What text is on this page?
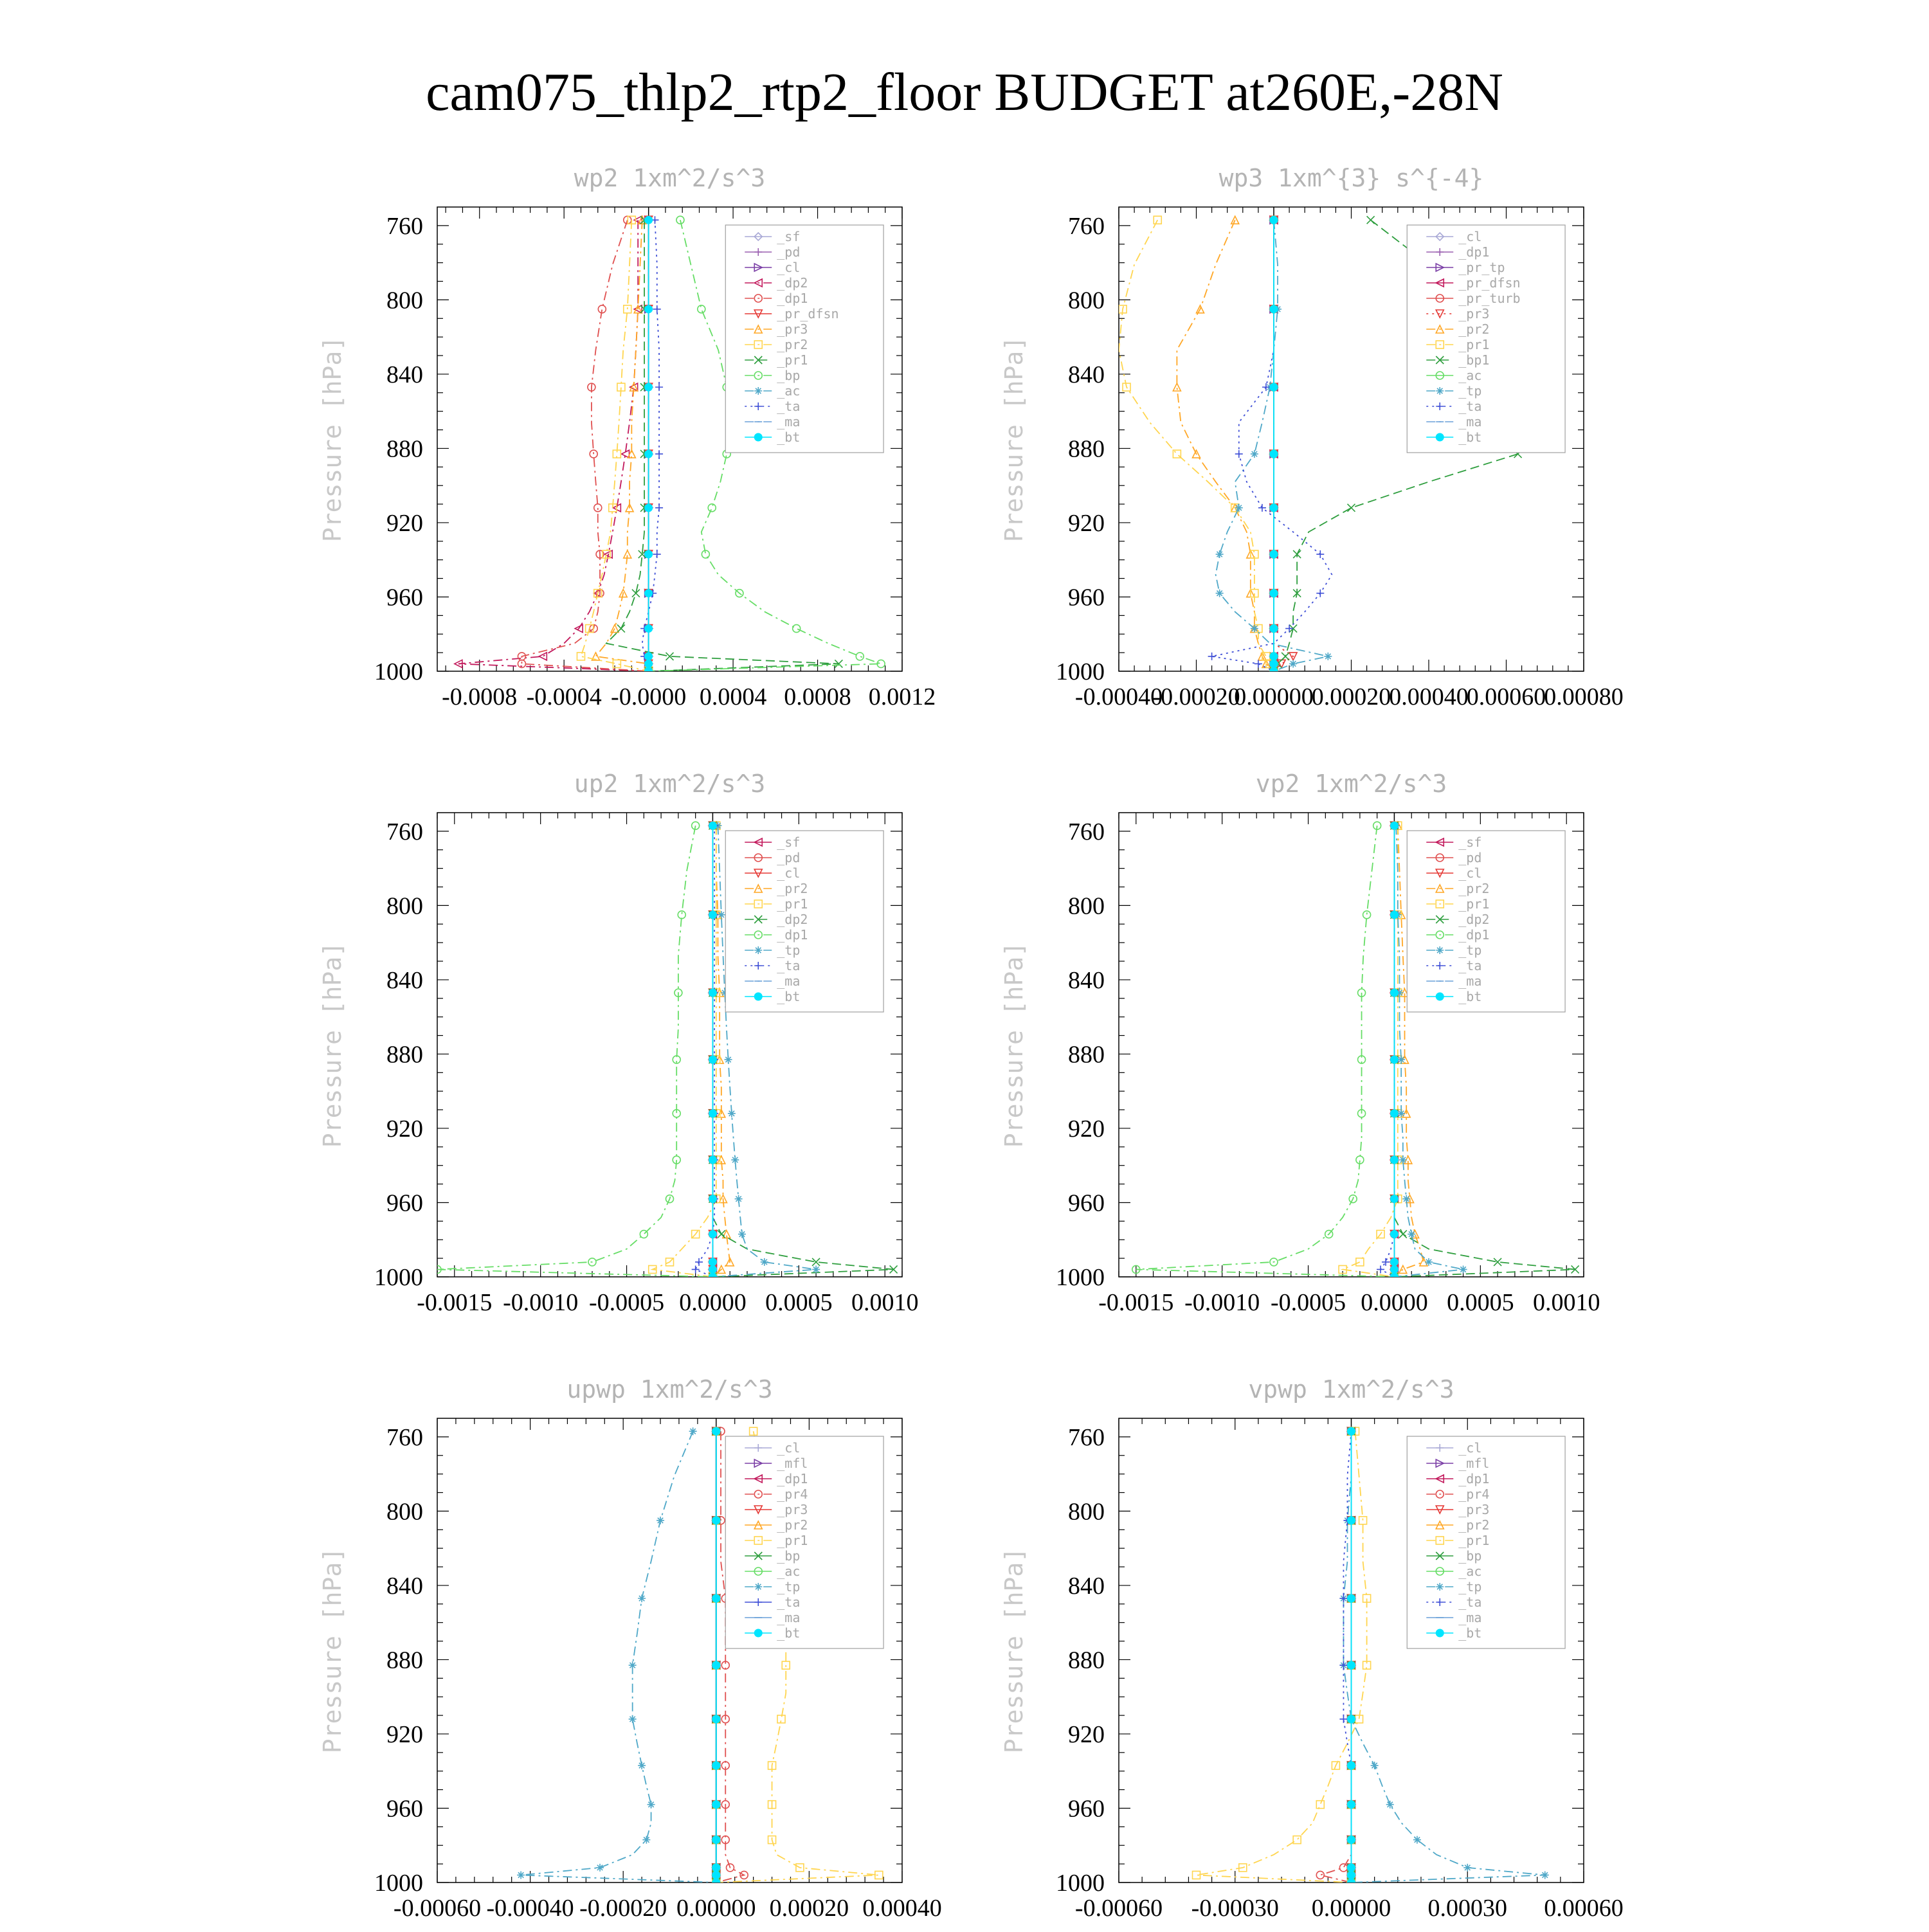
cam075_thlp2_rtp2_floor BUDGET at260E,-28N
wp2 1xm^2/s^3
Pressure [hPa]
760
800
840
880
920
960
1000
-0.0008 -0.0004 -0.0000 0.0004 0.0008 0.0012
_sf
_pd
_cl
_dp2
_dp1
_pr_dfsn
_pr3
_pr2
_pr1
_bp
_ac
_ta
_ma
_bt
wp3 1xm^{3} s^{-4}
Pressure [hPa]
760
800
840
880
920
960
1000
-0.00040
-0.00020
0.00000
0.00020
0.00040
0.00060
0.00080
_cl
_dp1
_pr_tp
_pr_dfsn
_pr_turb
_pr3
_pr2
_pr1
_bp1
_ac
_tp
_ta
_ma
_bt
up2 1xm^2/s^3
Pressure [hPa]
760
800
840
880
920
960
1000
-0.0015 -0.0010 -0.0005 0.0000 0.0005 0.0010
_sf
_pd
_cl
_pr2
_pr1
_dp2
_dp1
_tp
_ta
_ma
_bt
vp2 1xm^2/s^3
Pressure [hPa]
760
800
840
880
920
960
1000
-0.0015 -0.0010 -0.0005 0.0000 0.0005 0.0010
_sf
_pd
_cl
_pr2
_pr1
_dp2
_dp1
_tp
_ta
_ma
_bt
upwp 1xm^2/s^3
Pressure [hPa]
760
800
840
880
920
960
1000
-0.00060 -0.00040 -0.00020 0.00000 0.00020 0.00040
_cl
_mfl
_dp1
_pr4
_pr3
_pr2
_pr1
_bp
_ac
_tp
_ta
_ma
_bt
vpwp 1xm^2/s^3
Pressure [hPa]
760
800
840
880
920
960
1000
-0.00060 -0.00030 0.00000 0.00030 0.00060
_cl
_mfl
_dp1
_pr4
_pr3
_pr2
_pr1
_bp
_ac
_tp
_ta
_ma
_bt
